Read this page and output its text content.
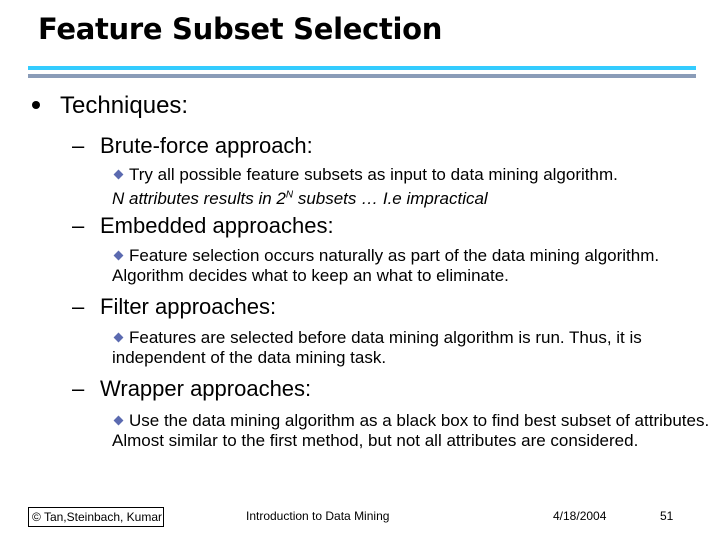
Feature Subset Selection
Techniques:
– Brute-force approach:
Try all possible feature subsets as input to data mining algorithm.
N attributes results in $2^N$ subsets … I.e impractical
– Embedded approaches:
Feature selection occurs naturally as part of the data mining algorithm. Algorithm decides what to keep an what to eliminate.
– Filter approaches:
Features are selected before data mining algorithm is run. Thus, it is independent of the data mining task.
– Wrapper approaches:
Use the data mining algorithm as a black box to find best subset of attributes. Almost similar to the first method, but not all attributes are considered.
© Tan,Steinbach, Kumar	Introduction to Data Mining	4/18/2004	51
